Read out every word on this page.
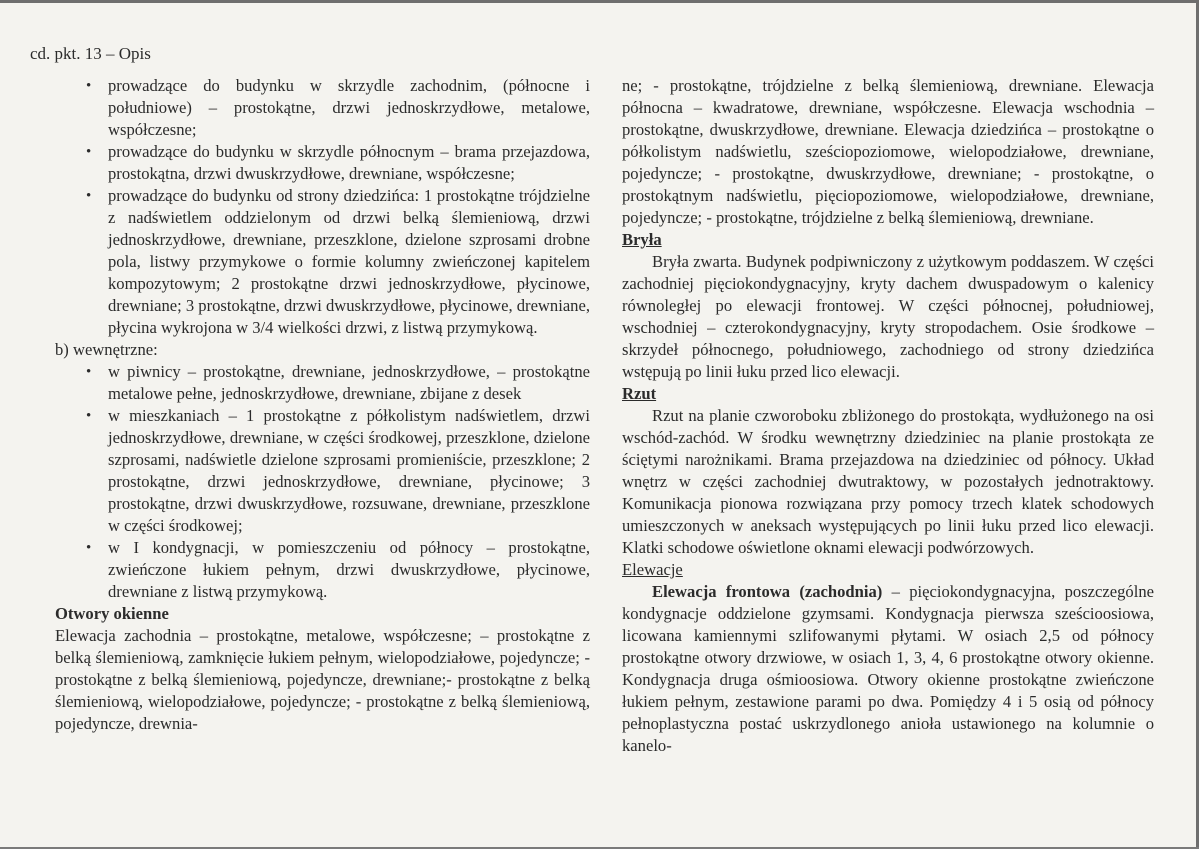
cd. pkt. 13 – Opis
• prowadzące do budynku w skrzydle zachodnim, (północne i południowe) – prostokątne, drzwi jednoskrzydłowe, metalowe, współczesne;
• prowadzące do budynku w skrzydle północnym – brama przejazdowa, prostokątna, drzwi dwuskrzydłowe, drewniane, współczesne;
• prowadzące do budynku od strony dziedzińca: 1 prostokątne trójdzielne z nadświetlem oddzielonym od drzwi belką ślemieniową, drzwi jednoskrzydłowe, drewniane, przeszklone, dzielone szprosami drobne pola, listwy przymykowe o formie kolumny zwieńczonej kapitelem kompozytowym; 2 prostokątne drzwi jednoskrzydłowe, płycinowe, drewniane; 3 prostokątne, drzwi dwuskrzydłowe, płycinowe, drewniane, płycina wykrojona w 3/4 wielkości drzwi, z listwą przymykową.

b) wewnętrzne:

• w piwnicy – prostokątne, drewniane, jednoskrzydłowe, – prostokątne metalowe pełne, jednoskrzydłowe, drewniane, zbijane z desek
• w mieszkaniach – 1 prostokątne z półkolistym nadświetlem, drzwi jednoskrzydłowe, drewniane, w części środkowej, przeszklone, dzielone szprosami, nadświetle dzielone szprosami promieniście, przeszklone; 2 prostokątne, drzwi jednoskrzydłowe, drewniane, płycinowe; 3 prostokątne, drzwi dwuskrzydłowe, rozsuwane, drewniane, przeszklone w części środkowej;
• w I kondygnacji, w pomieszczeniu od północy – prostokątne, zwieńczone łukiem pełnym, drzwi dwuskrzydłowe, płycinowe, drewniane z listwą przymykową.

Otwory okienne

Elewacja zachodnia – prostokątne, metalowe, współczesne; – prostokątne z belką ślemieniową, zamknięcie łukiem pełnym, wielopodziałowe, pojedyncze; - prostokątne z belką ślemieniową, pojedyncze, drewniane;- prostokątne z belką ślemieniową, wielopodziałowe, pojedyncze; - prostokątne z belką ślemieniową, pojedyncze, drewnia-

ne; - prostokątne, trójdzielne z belką ślemieniową, drewniane. Elewacja północna – kwadratowe, drewniane, współczesne. Elewacja wschodnia – prostokątne, dwuskrzydłowe, drewniane. Elewacja dziedzińca – prostokątne o półkolistym nadświetlu, sześciopoziomowe, wielopodziałowe, drewniane, pojedyncze; - prostokątne, dwuskrzydłowe, drewniane; - prostokątne, o prostokątnym nadświetlu, pięciopoziomowe, wielopodziałowe, drewniane, pojedyncze; - prostokątne, trójdzielne z belką ślemieniową, drewniane.

Bryła

Bryła zwarta. Budynek podpiwniczony z użytkowym poddaszem. W części zachodniej pięciokondygnacyjny, kryty dachem dwuspadowym o kalenicy równoległej po elewacji frontowej. W części północnej, południowej, wschodniej – czterokondygnacyjny, kryty stropodachem. Osie środkowe – skrzydeł północnego, południowego, zachodniego od strony dziedzińca wstępują po linii łuku przed lico elewacji.

Rzut

Rzut na planie czworoboku zbliżonego do prostokąta, wydłużonego na osi wschód-zachód. W środku wewnętrzny dziedziniec na planie prostokąta ze ściętymi narożnikami. Brama przejazdowa na dziedziniec od północy. Układ wnętrz w części zachodniej dwutraktowy, w pozostałych jednotraktowy. Komunikacja pionowa rozwiązana przy pomocy trzech klatek schodowych umieszczonych w aneksach występujących po linii łuku przed lico elewacji. Klatki schodowe oświetlone oknami elewacji podwórzowych.

Elewacje

Elewacja frontowa (zachodnia) – pięciokondygnacyjna, poszczególne kondygnacje oddzielone gzymsami. Kondygnacja pierwsza sześcioosiowa, licowana kamiennymi szlifowanymi płytami. W osiach 2,5 od północy prostokątne otwory drzwiowe, w osiach 1, 3, 4, 6 prostokątne otwory okienne. Kondygnacja druga ośmioosiowa. Otwory okienne prostokątne zwieńczone łukiem pełnym, zestawione parami po dwa. Pomiędzy 4 i 5 osią od północy pełnoplastyczna postać uskrzydlonego anioła ustawionego na kolumnie o kanelo-
